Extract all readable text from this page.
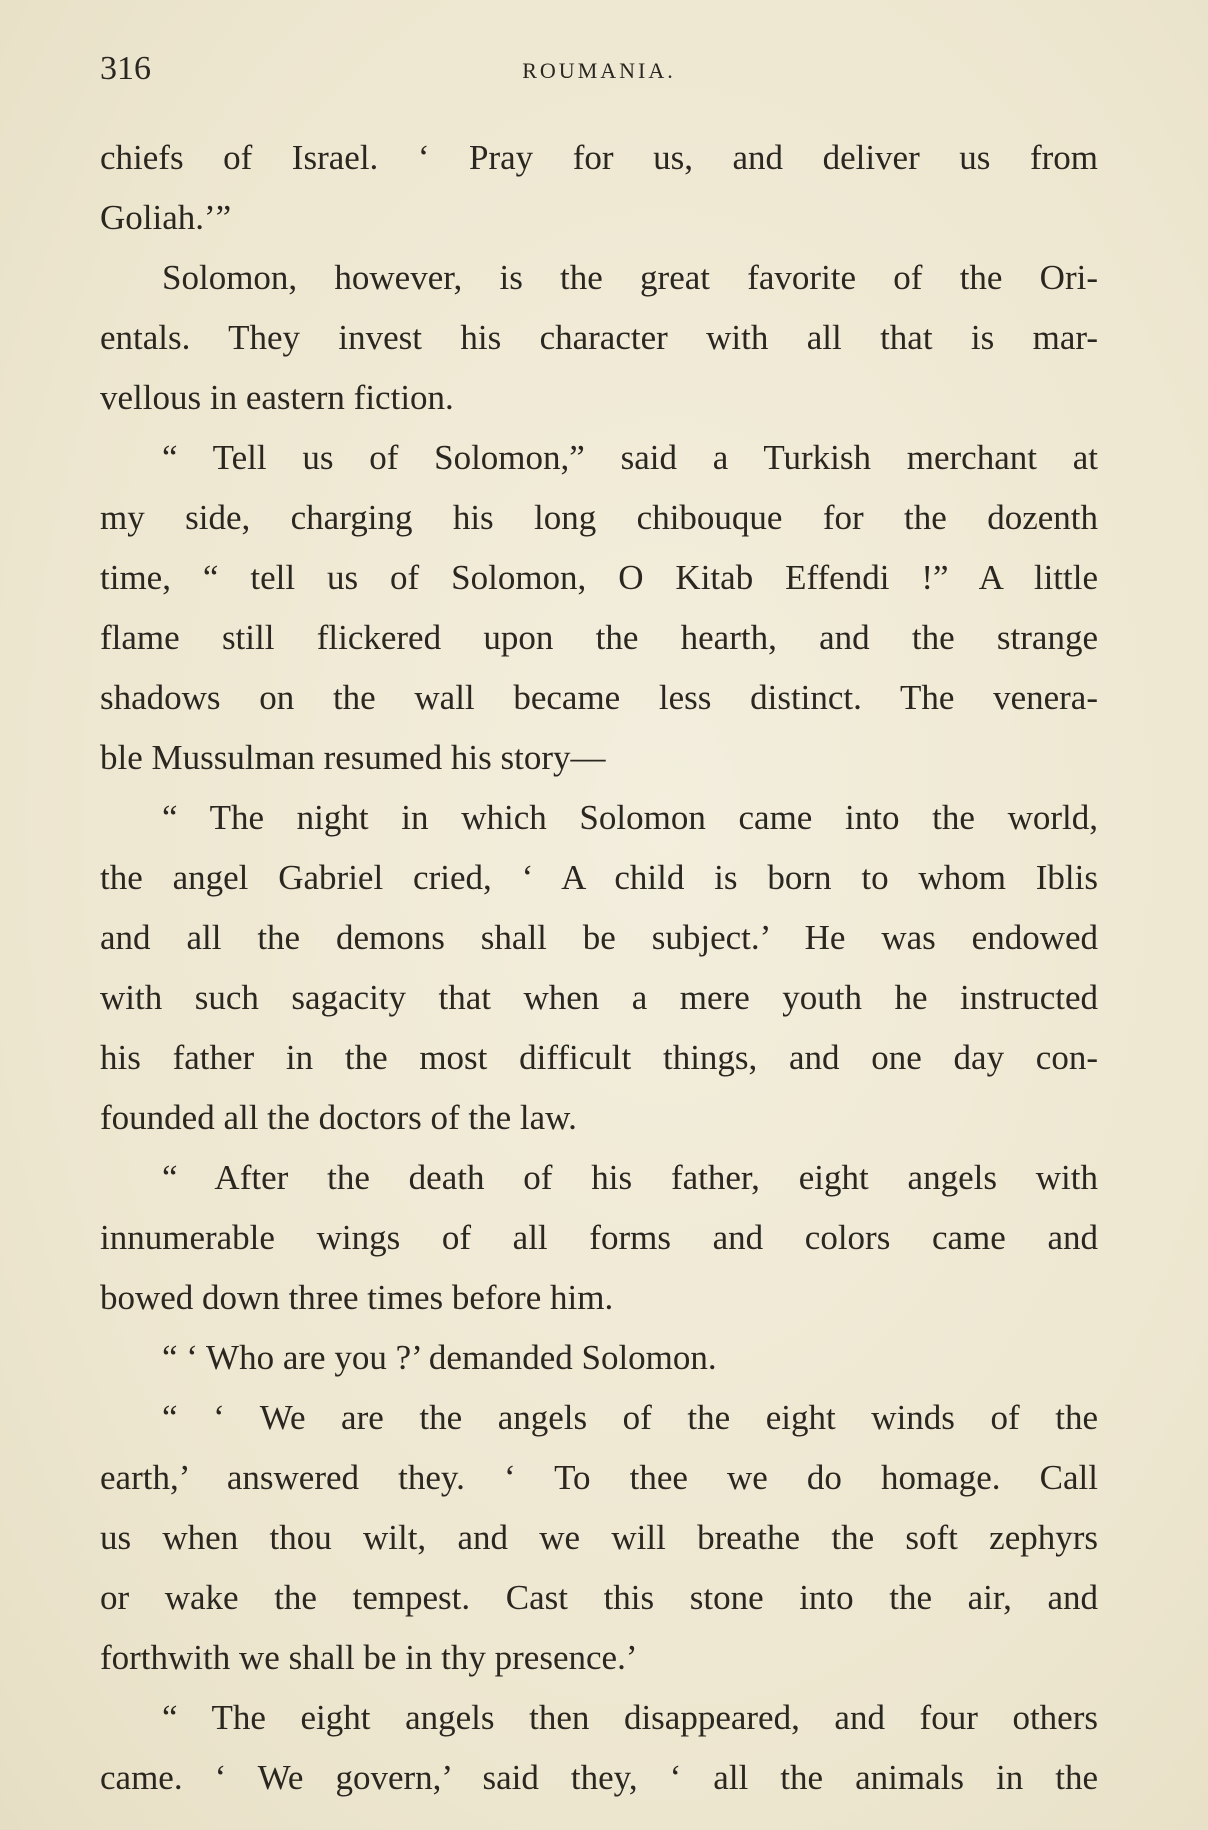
316	ROUMANIA.
chiefs of Israel. ‘ Pray for us, and deliver us from
Goliah.’”
Solomon, however, is the great favorite of the Ori-
entals. They invest his character with all that is mar-
vellous in eastern fiction.
“ Tell us of Solomon,” said a Turkish merchant at
my side, charging his long chibouque for the dozenth
time, “ tell us of Solomon, O Kitab Effendi !” A little
flame still flickered upon the hearth, and the strange
shadows on the wall became less distinct. The venera-
ble Mussulman resumed his story—
“ The night in which Solomon came into the world,
the angel Gabriel cried, ‘ A child is born to whom Iblis
and all the demons shall be subject.’ He was endowed
with such sagacity that when a mere youth he instructed
his father in the most difficult things, and one day con-
founded all the doctors of the law.
“ After the death of his father, eight angels with
innumerable wings of all forms and colors came and
bowed down three times before him.
“ ‘ Who are you ?’ demanded Solomon.
“ ‘ We are the angels of the eight winds of the
earth,’ answered they. ‘ To thee we do homage. Call
us when thou wilt, and we will breathe the soft zephyrs
or wake the tempest. Cast this stone into the air, and
forthwith we shall be in thy presence.’
“ The eight angels then disappeared, and four others
came. ‘ We govern,’ said they, ‘ all the animals in the
